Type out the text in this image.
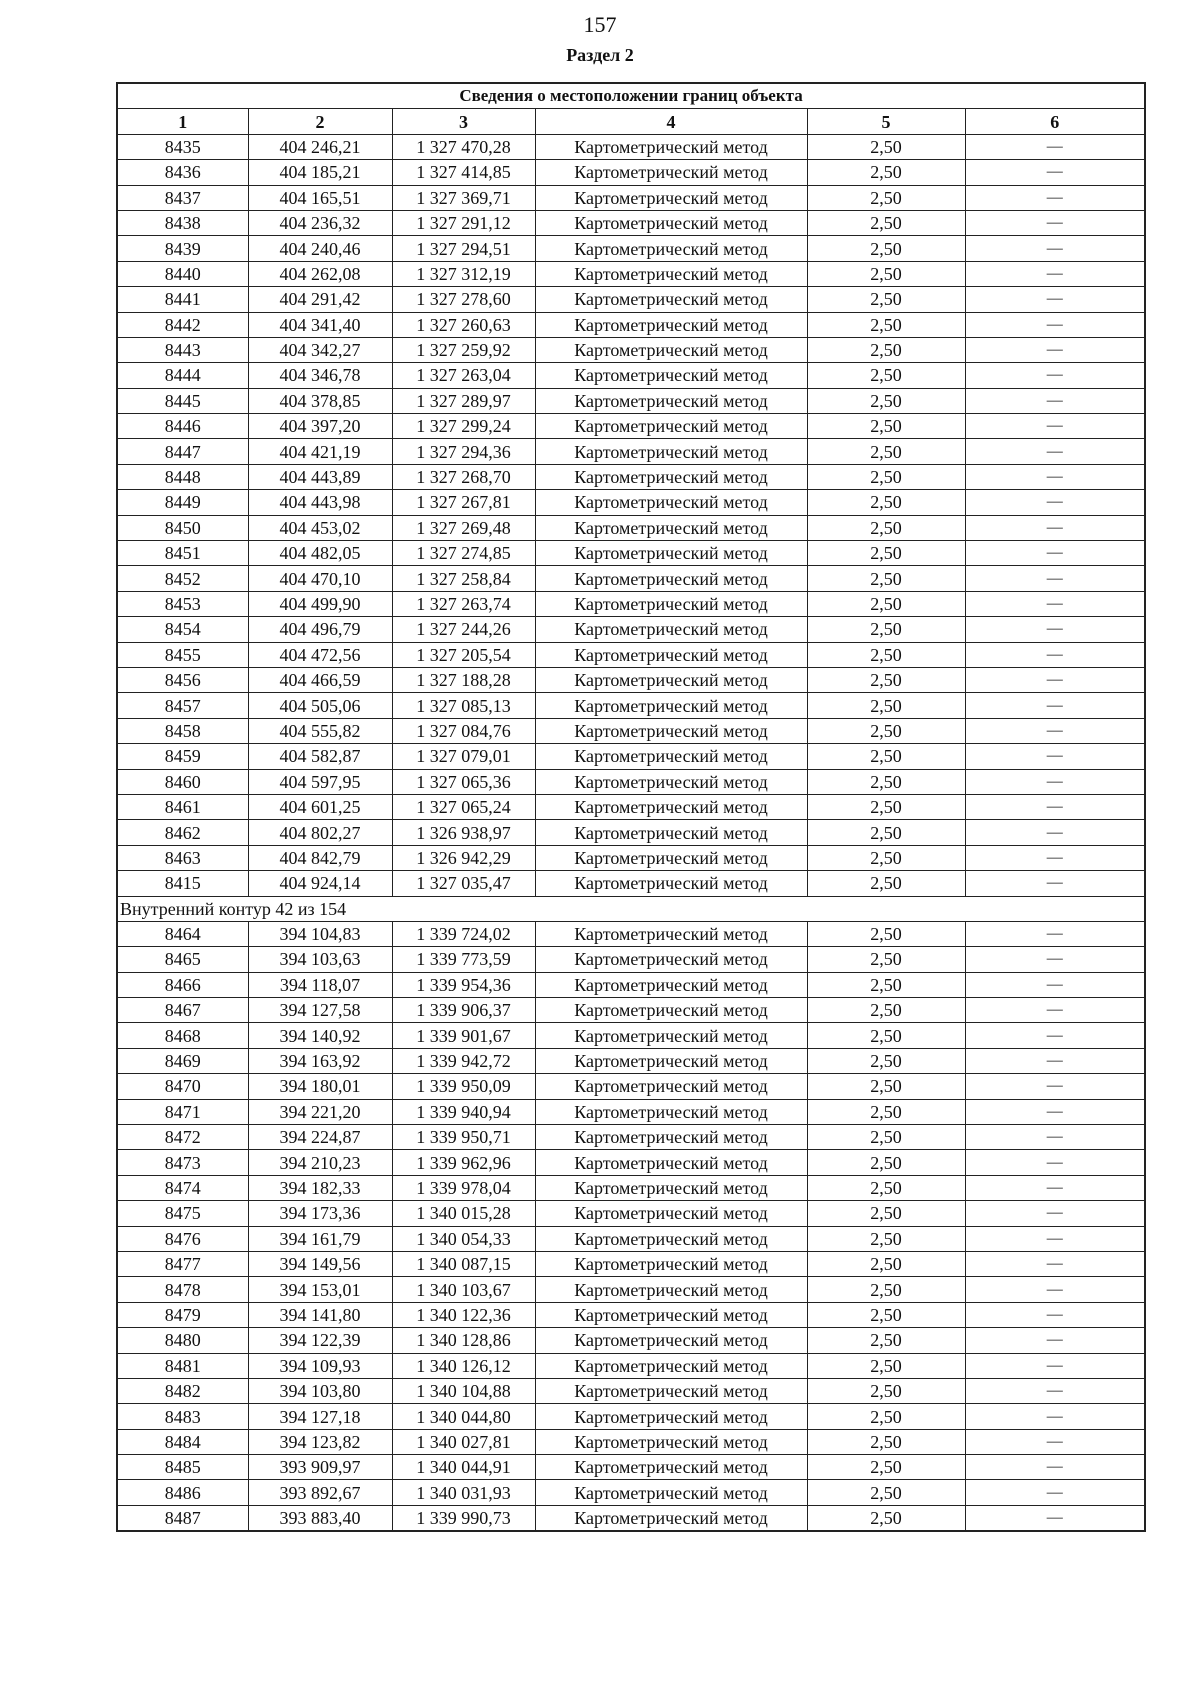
157
Раздел 2
Сведения о местоположении границ объекта					
1	2	3	4	5	6
8435	404 246,21	1 327 470,28	Картометрический метод	2,50	—
8436	404 185,21	1 327 414,85	Картометрический метод	2,50	—
8437	404 165,51	1 327 369,71	Картометрический метод	2,50	—
8438	404 236,32	1 327 291,12	Картометрический метод	2,50	—
8439	404 240,46	1 327 294,51	Картометрический метод	2,50	—
8440	404 262,08	1 327 312,19	Картометрический метод	2,50	—
8441	404 291,42	1 327 278,60	Картометрический метод	2,50	—
8442	404 341,40	1 327 260,63	Картометрический метод	2,50	—
8443	404 342,27	1 327 259,92	Картометрический метод	2,50	—
8444	404 346,78	1 327 263,04	Картометрический метод	2,50	—
8445	404 378,85	1 327 289,97	Картометрический метод	2,50	—
8446	404 397,20	1 327 299,24	Картометрический метод	2,50	—
8447	404 421,19	1 327 294,36	Картометрический метод	2,50	—
8448	404 443,89	1 327 268,70	Картометрический метод	2,50	—
8449	404 443,98	1 327 267,81	Картометрический метод	2,50	—
8450	404 453,02	1 327 269,48	Картометрический метод	2,50	—
8451	404 482,05	1 327 274,85	Картометрический метод	2,50	—
8452	404 470,10	1 327 258,84	Картометрический метод	2,50	—
8453	404 499,90	1 327 263,74	Картометрический метод	2,50	—
8454	404 496,79	1 327 244,26	Картометрический метод	2,50	—
8455	404 472,56	1 327 205,54	Картометрический метод	2,50	—
8456	404 466,59	1 327 188,28	Картометрический метод	2,50	—
8457	404 505,06	1 327 085,13	Картометрический метод	2,50	—
8458	404 555,82	1 327 084,76	Картометрический метод	2,50	—
8459	404 582,87	1 327 079,01	Картометрический метод	2,50	—
8460	404 597,95	1 327 065,36	Картометрический метод	2,50	—
8461	404 601,25	1 327 065,24	Картометрический метод	2,50	—
8462	404 802,27	1 326 938,97	Картометрический метод	2,50	—
8463	404 842,79	1 326 942,29	Картометрический метод	2,50	—
8415	404 924,14	1 327 035,47	Картометрический метод	2,50	—
Внутренний контур 42 из 154					
8464	394 104,83	1 339 724,02	Картометрический метод	2,50	—
8465	394 103,63	1 339 773,59	Картометрический метод	2,50	—
8466	394 118,07	1 339 954,36	Картометрический метод	2,50	—
8467	394 127,58	1 339 906,37	Картометрический метод	2,50	—
8468	394 140,92	1 339 901,67	Картометрический метод	2,50	—
8469	394 163,92	1 339 942,72	Картометрический метод	2,50	—
8470	394 180,01	1 339 950,09	Картометрический метод	2,50	—
8471	394 221,20	1 339 940,94	Картометрический метод	2,50	—
8472	394 224,87	1 339 950,71	Картометрический метод	2,50	—
8473	394 210,23	1 339 962,96	Картометрический метод	2,50	—
8474	394 182,33	1 339 978,04	Картометрический метод	2,50	—
8475	394 173,36	1 340 015,28	Картометрический метод	2,50	—
8476	394 161,79	1 340 054,33	Картометрический метод	2,50	—
8477	394 149,56	1 340 087,15	Картометрический метод	2,50	—
8478	394 153,01	1 340 103,67	Картометрический метод	2,50	—
8479	394 141,80	1 340 122,36	Картометрический метод	2,50	—
8480	394 122,39	1 340 128,86	Картометрический метод	2,50	—
8481	394 109,93	1 340 126,12	Картометрический метод	2,50	—
8482	394 103,80	1 340 104,88	Картометрический метод	2,50	—
8483	394 127,18	1 340 044,80	Картометрический метод	2,50	—
8484	394 123,82	1 340 027,81	Картометрический метод	2,50	—
8485	393 909,97	1 340 044,91	Картометрический метод	2,50	—
8486	393 892,67	1 340 031,93	Картометрический метод	2,50	—
8487	393 883,40	1 339 990,73	Картометрический метод	2,50	—
